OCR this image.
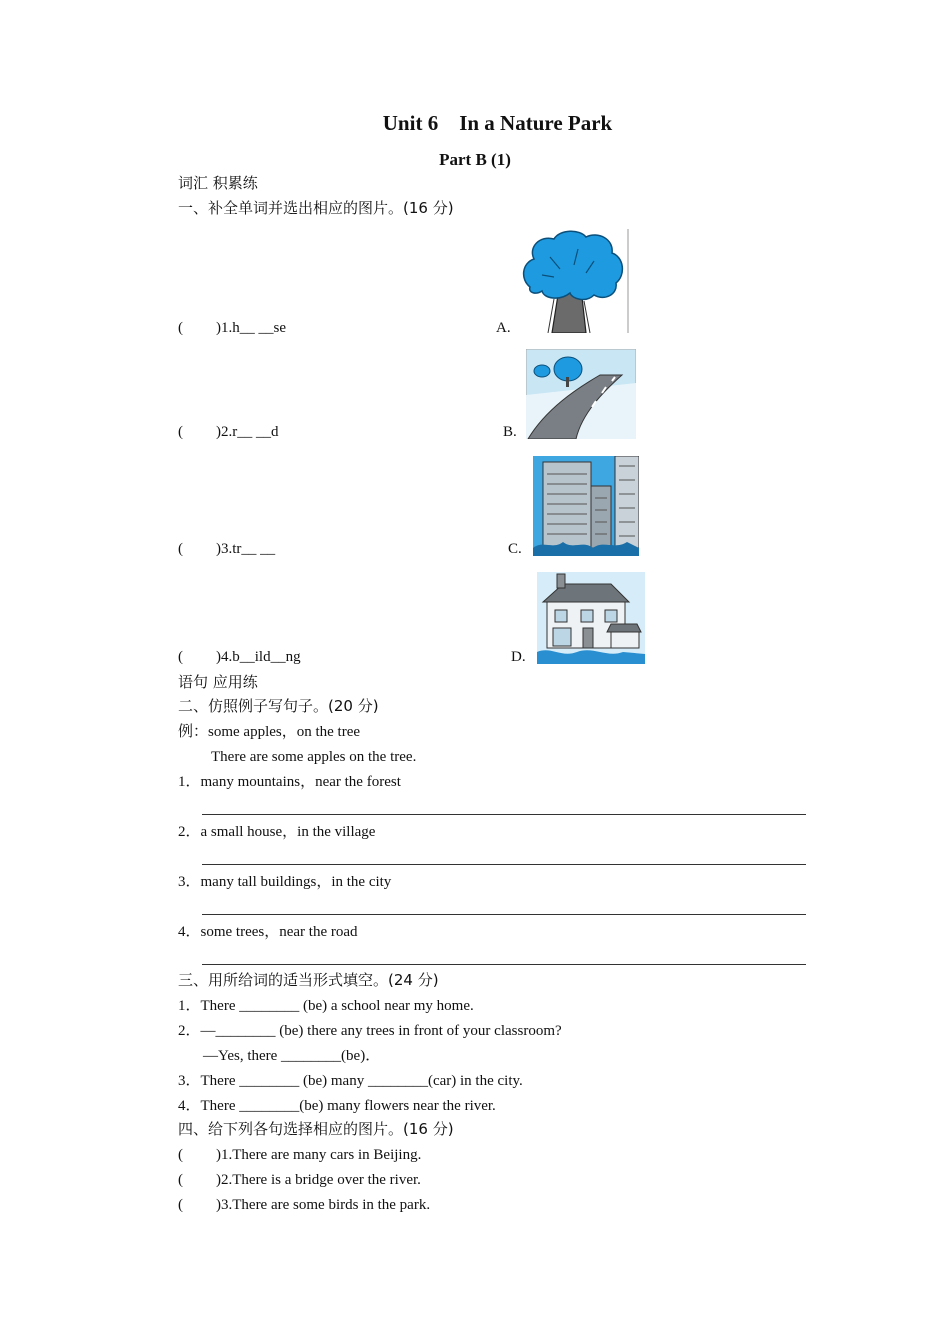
Unit 6　In a Nature Park
Part B (1)
词汇 积累练
一、补全单词并选出相应的图片。(16 分)
( )1.h__ __se	A.
( )2.r__ __d	B.
( )3.tr__ __	C.
( )4.b__ild__ng	D.
语句 应用练
二、仿照例子写句子。(20 分)
例：some apples，on the tree
There are some apples on the tree.
1．many mountains，near the forest
2．a small house，in the village
3．many tall buildings，in the city
4．some trees，near the road
三、用所给词的适当形式填空。(24 分)
1．There ________ (be) a school near my home.
2．—________ (be) there any trees in front of your classroom?
—Yes, there ________(be)．
3．There ________ (be) many ________(car) in the city.
4．There ________(be) many flowers near the river.
四、给下列各句选择相应的图片。(16 分)
( )1.There are many cars in Beijing.
( )2.There is a bridge over the river.
( )3.There are some birds in the park.
